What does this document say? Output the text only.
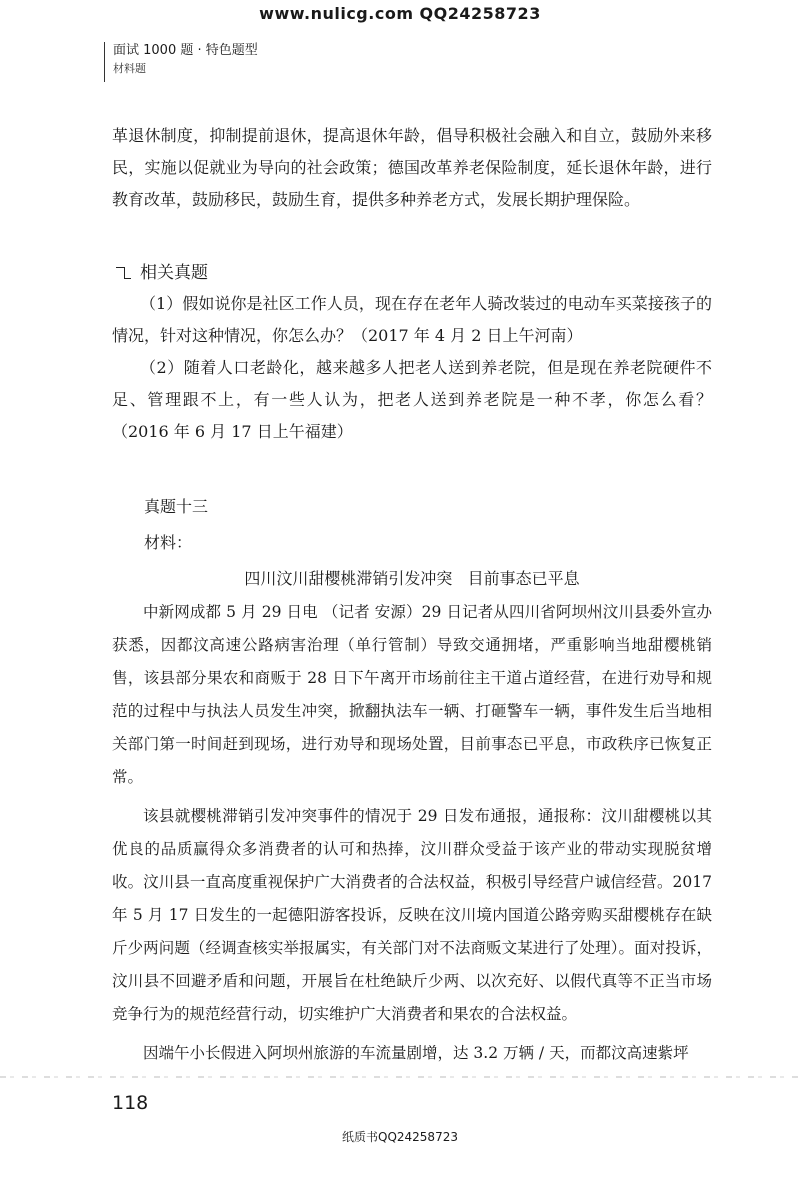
www.nulicg.com QQ24258723
面试 1000 题 · 特色题型
材料题
革退休制度，抑制提前退休，提高退休年龄，倡导积极社会融入和自立，鼓励外来移民，实施以促就业为导向的社会政策；德国改革养老保险制度，延长退休年龄，进行教育改革，鼓励移民，鼓励生育，提供多种养老方式，发展长期护理保险。
相关真题
（1）假如说你是社区工作人员，现在存在老年人骑改装过的电动车买菜接孩子的情况，针对这种情况，你怎么办？（2017 年 4 月 2 日上午河南）
（2）随着人口老龄化，越来越多人把老人送到养老院，但是现在养老院硬件不足、管理跟不上，有一些人认为，把老人送到养老院是一种不孝，你怎么看？（2016 年 6 月 17 日上午福建）
真题十三
材料：
四川汶川甜樱桃滞销引发冲突   目前事态已平息
中新网成都 5 月 29 日电 （记者 安源）29 日记者从四川省阿坝州汶川县委外宣办获悉，因都汶高速公路病害治理（单行管制）导致交通拥堵，严重影响当地甜樱桃销售，该县部分果农和商贩于 28 日下午离开市场前往主干道占道经营，在进行劝导和规范的过程中与执法人员发生冲突，掀翻执法车一辆、打砸警车一辆，事件发生后当地相关部门第一时间赶到现场，进行劝导和现场处置，目前事态已平息，市政秩序已恢复正常。
该县就樱桃滞销引发冲突事件的情况于 29 日发布通报，通报称：汶川甜樱桃以其优良的品质赢得众多消费者的认可和热捧，汶川群众受益于该产业的带动实现脱贫增收。汶川县一直高度重视保护广大消费者的合法权益，积极引导经营户诚信经营。2017 年 5 月 17 日发生的一起德阳游客投诉，反映在汶川境内国道公路旁购买甜樱桃存在缺斤少两问题（经调查核实举报属实，有关部门对不法商贩文某进行了处理）。面对投诉，汶川县不回避矛盾和问题，开展旨在杜绝缺斤少两、以次充好、以假代真等不正当市场竞争行为的规范经营行动，切实维护广大消费者和果农的合法权益。
因端午小长假进入阿坝州旅游的车流量剧增，达 3.2 万辆 / 天，而都汶高速紫坪
118
纸质书QQ24258723
